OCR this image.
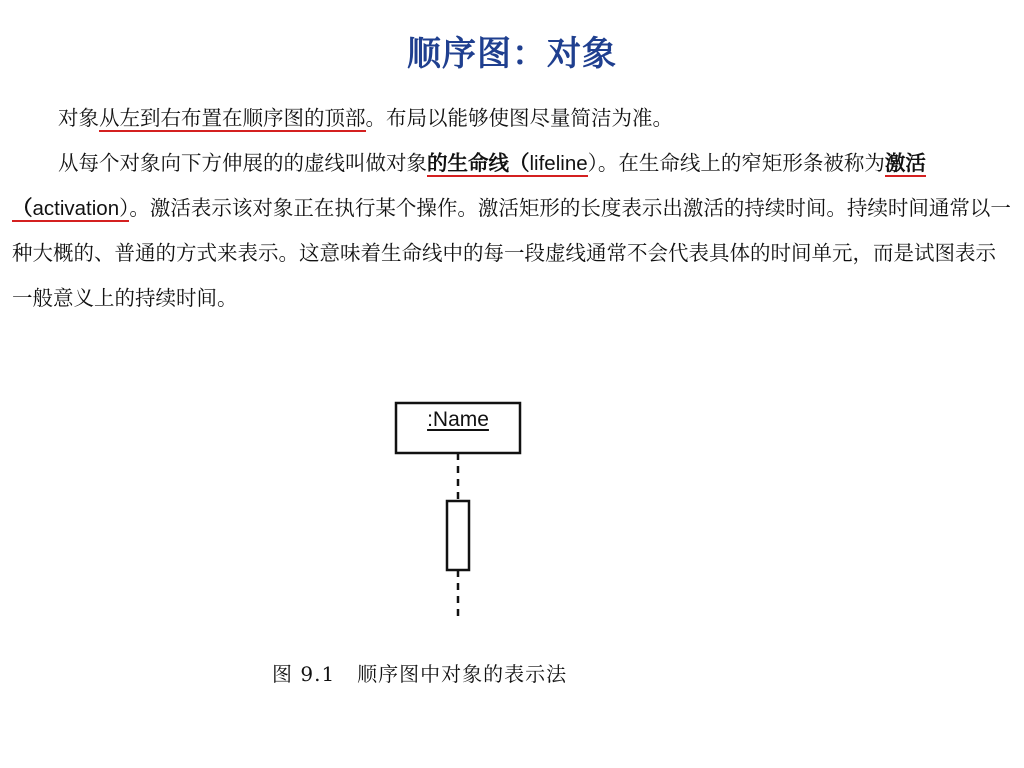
顺序图：对象

对象从左到右布置在顺序图的顶部。布局以能够使图尽量简洁为准。

从每个对象向下方伸展的的虚线叫做对象的生命线（lifeline）。在生命线上的窄矩形条被称为激活（activation）。激活表示该对象正在执行某个操作。激活矩形的长度表示出激活的持续时间。持续时间通常以一种大概的、普通的方式来表示。这意味着生命线中的每一段虚线通常不会代表具体的时间单元，而是试图表示一般意义上的持续时间。

:Name
图 9.1 顺序图中对象的表示法
